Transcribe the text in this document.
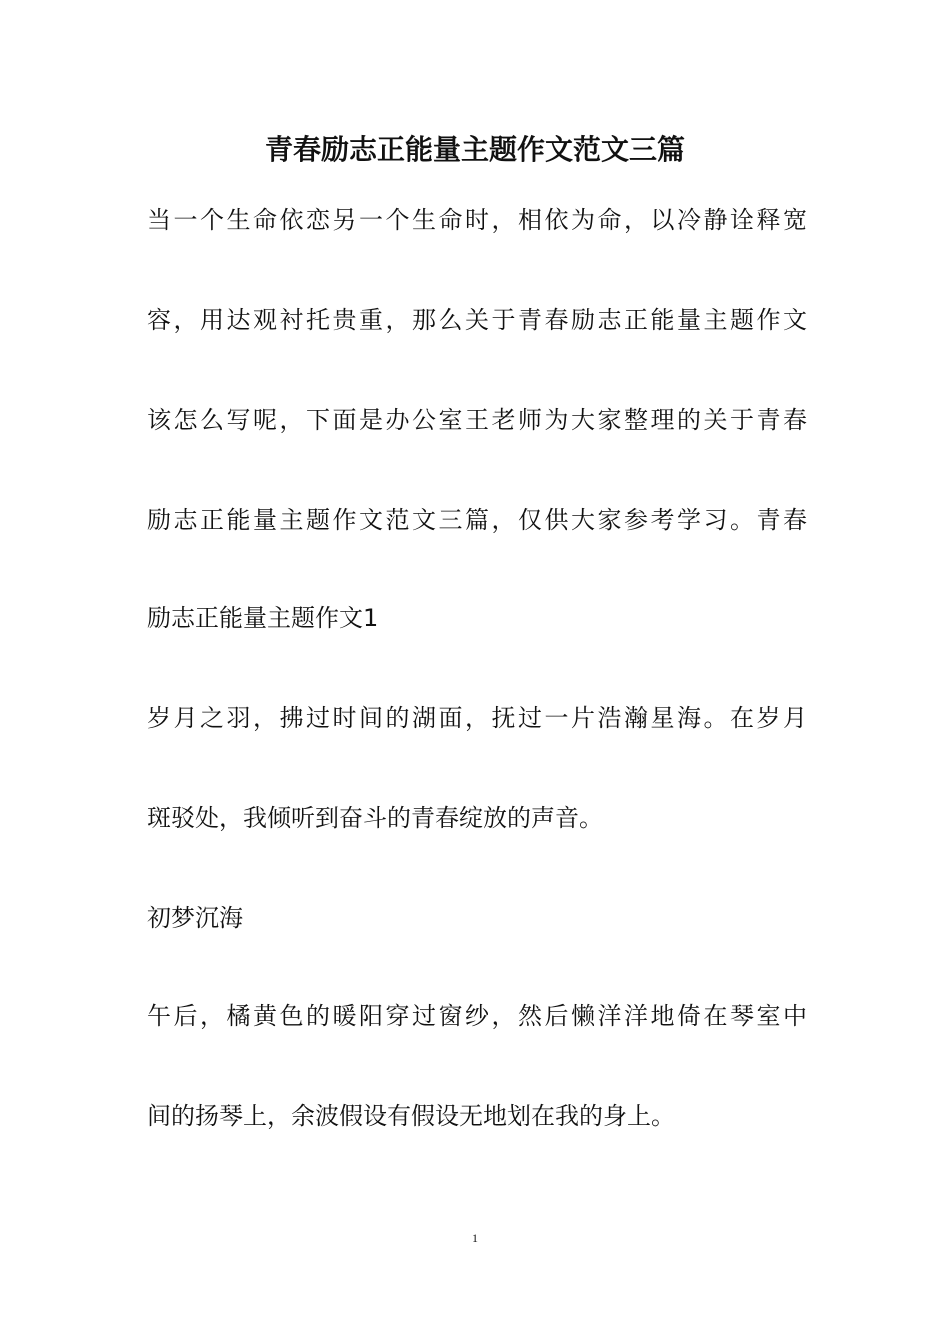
青春励志正能量主题作文范文三篇
当一个生命依恋另一个生命时，相依为命，以冷静诠释宽
容，用达观衬托贵重，那么关于青春励志正能量主题作文
该怎么写呢，下面是办公室王老师为大家整理的关于青春
励志正能量主题作文范文三篇，仅供大家参考学习。青春
励志正能量主题作文1
岁月之羽，拂过时间的湖面，抚过一片浩瀚星海。在岁月
斑驳处，我倾听到奋斗的青春绽放的声音。
初梦沉海
午后，橘黄色的暖阳穿过窗纱，然后懒洋洋地倚在琴室中
间的扬琴上，余波假设有假设无地划在我的身上。
1
